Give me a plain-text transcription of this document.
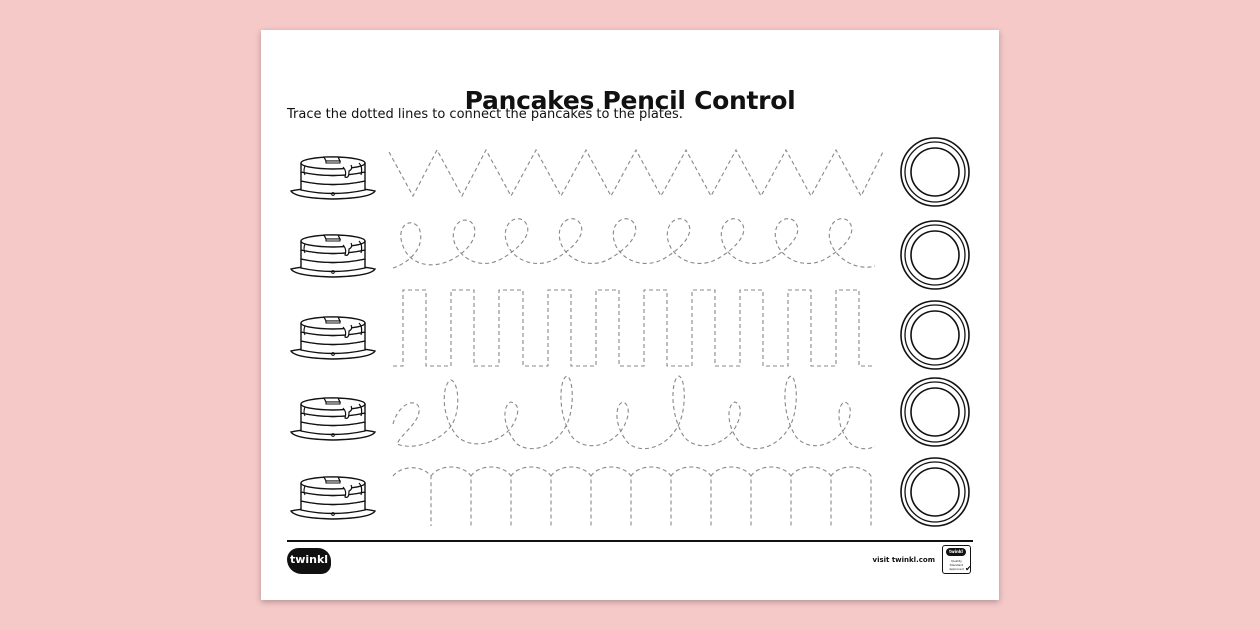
Pancakes Pencil Control

Trace the dotted lines to connect the pancakes to the plates.

twinkl	visit twinkl.com
twinkl
Quality Standard
Approved ✔
